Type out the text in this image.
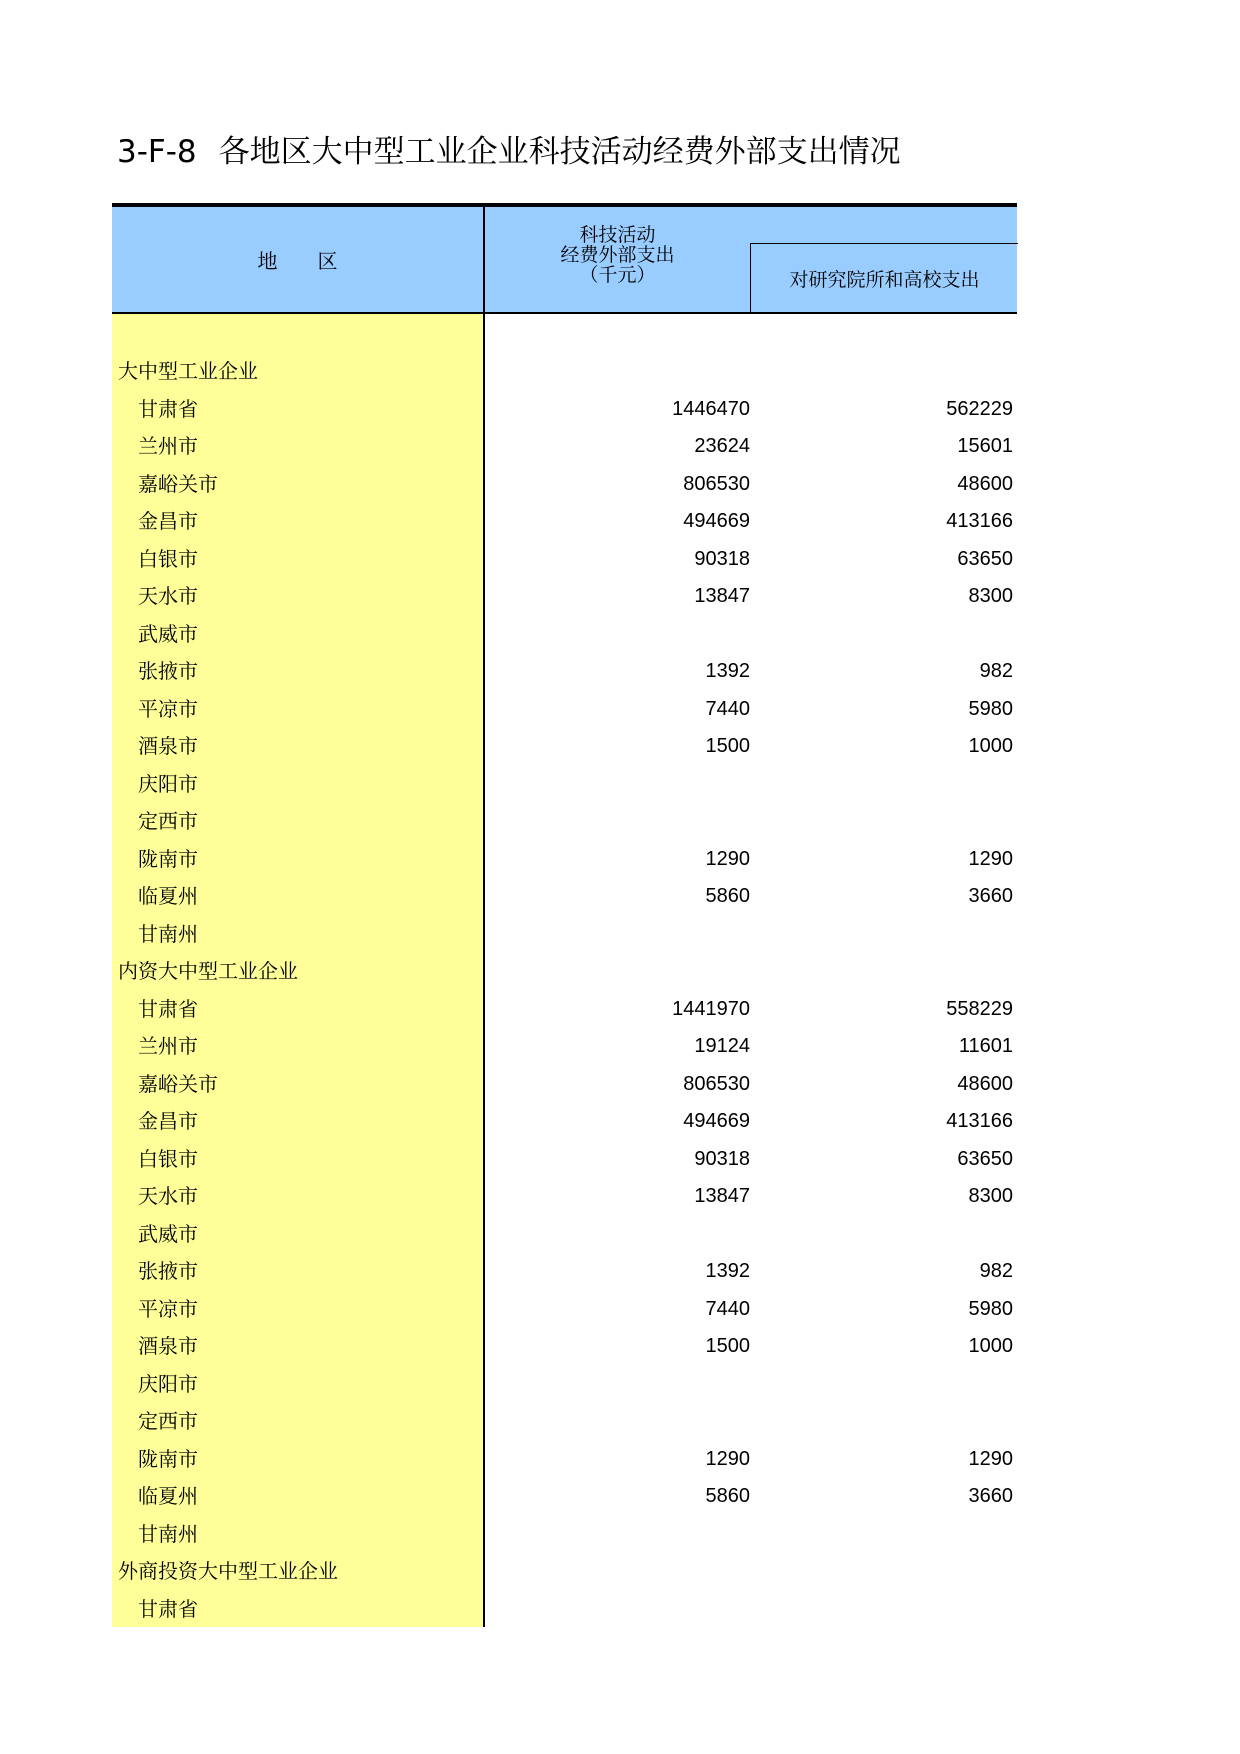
3-F-8 各地区大中型工业企业科技活动经费外部支出情况
地 区
科技活动
经费外部支出
（千元）	对研究院所和高校支出
大中型工业企业
甘肃省	1446470	562229
兰州市	23624	15601
嘉峪关市	806530	48600
金昌市	494669	413166
白银市	90318	63650
天水市	13847	8300
武威市
张掖市	1392	982
平凉市	7440	5980
酒泉市	1500	1000
庆阳市
定西市
陇南市	1290	1290
临夏州	5860	3660
甘南州
内资大中型工业企业
甘肃省	1441970	558229
兰州市	19124	11601
嘉峪关市	806530	48600
金昌市	494669	413166
白银市	90318	63650
天水市	13847	8300
武威市
张掖市	1392	982
平凉市	7440	5980
酒泉市	1500	1000
庆阳市
定西市
陇南市	1290	1290
临夏州	5860	3660
甘南州
外商投资大中型工业企业
甘肃省
